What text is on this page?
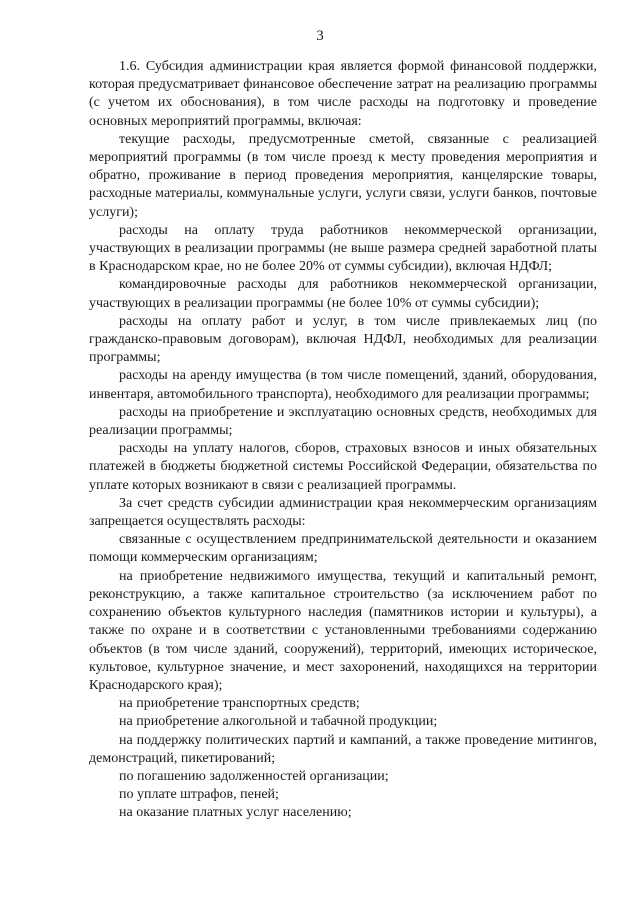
3

1.6. Субсидия администрации края является формой финансовой поддержки, которая предусматривает финансовое обеспечение затрат на реализацию программы (с учетом их обоснования), в том числе расходы на подготовку и проведение основных мероприятий программы, включая:

текущие расходы, предусмотренные сметой, связанные с реализацией мероприятий программы (в том числе проезд к месту проведения мероприятия и обратно, проживание в период проведения мероприятия, канцелярские товары, расходные материалы, коммунальные услуги, услуги связи, услуги банков, почтовые услуги);

расходы на оплату труда работников некоммерческой организации, участвующих в реализации программы (не выше размера средней заработной платы в Краснодарском крае, но не более 20% от суммы субсидии), включая НДФЛ;

командировочные расходы для работников некоммерческой организации, участвующих в реализации программы (не более 10% от суммы субсидии);

расходы на оплату работ и услуг, в том числе привлекаемых лиц (по гражданско-правовым договорам), включая НДФЛ, необходимых для реализации программы;

расходы на аренду имущества (в том числе помещений, зданий, оборудования, инвентаря, автомобильного транспорта), необходимого для реализации программы;

расходы на приобретение и эксплуатацию основных средств, необходимых для реализации программы;

расходы на уплату налогов, сборов, страховых взносов и иных обязательных платежей в бюджеты бюджетной системы Российской Федерации, обязательства по уплате которых возникают в связи с реализацией программы.

За счет средств субсидии администрации края некоммерческим организациям запрещается осуществлять расходы:

связанные с осуществлением предпринимательской деятельности и оказанием помощи коммерческим организациям;

на приобретение недвижимого имущества, текущий и капитальный ремонт, реконструкцию, а также капитальное строительство (за исключением работ по сохранению объектов культурного наследия (памятников истории и культуры), а также по охране и в соответствии с установленными требованиями содержанию объектов (в том числе зданий, сооружений), территорий, имеющих историческое, культовое, культурное значение, и мест захоронений, находящихся на территории Краснодарского края);

на приобретение транспортных средств;

на приобретение алкогольной и табачной продукции;

на поддержку политических партий и кампаний, а также проведение митингов, демонстраций, пикетирований;

по погашению задолженностей организации;

по уплате штрафов, пеней;

на оказание платных услуг населению;
